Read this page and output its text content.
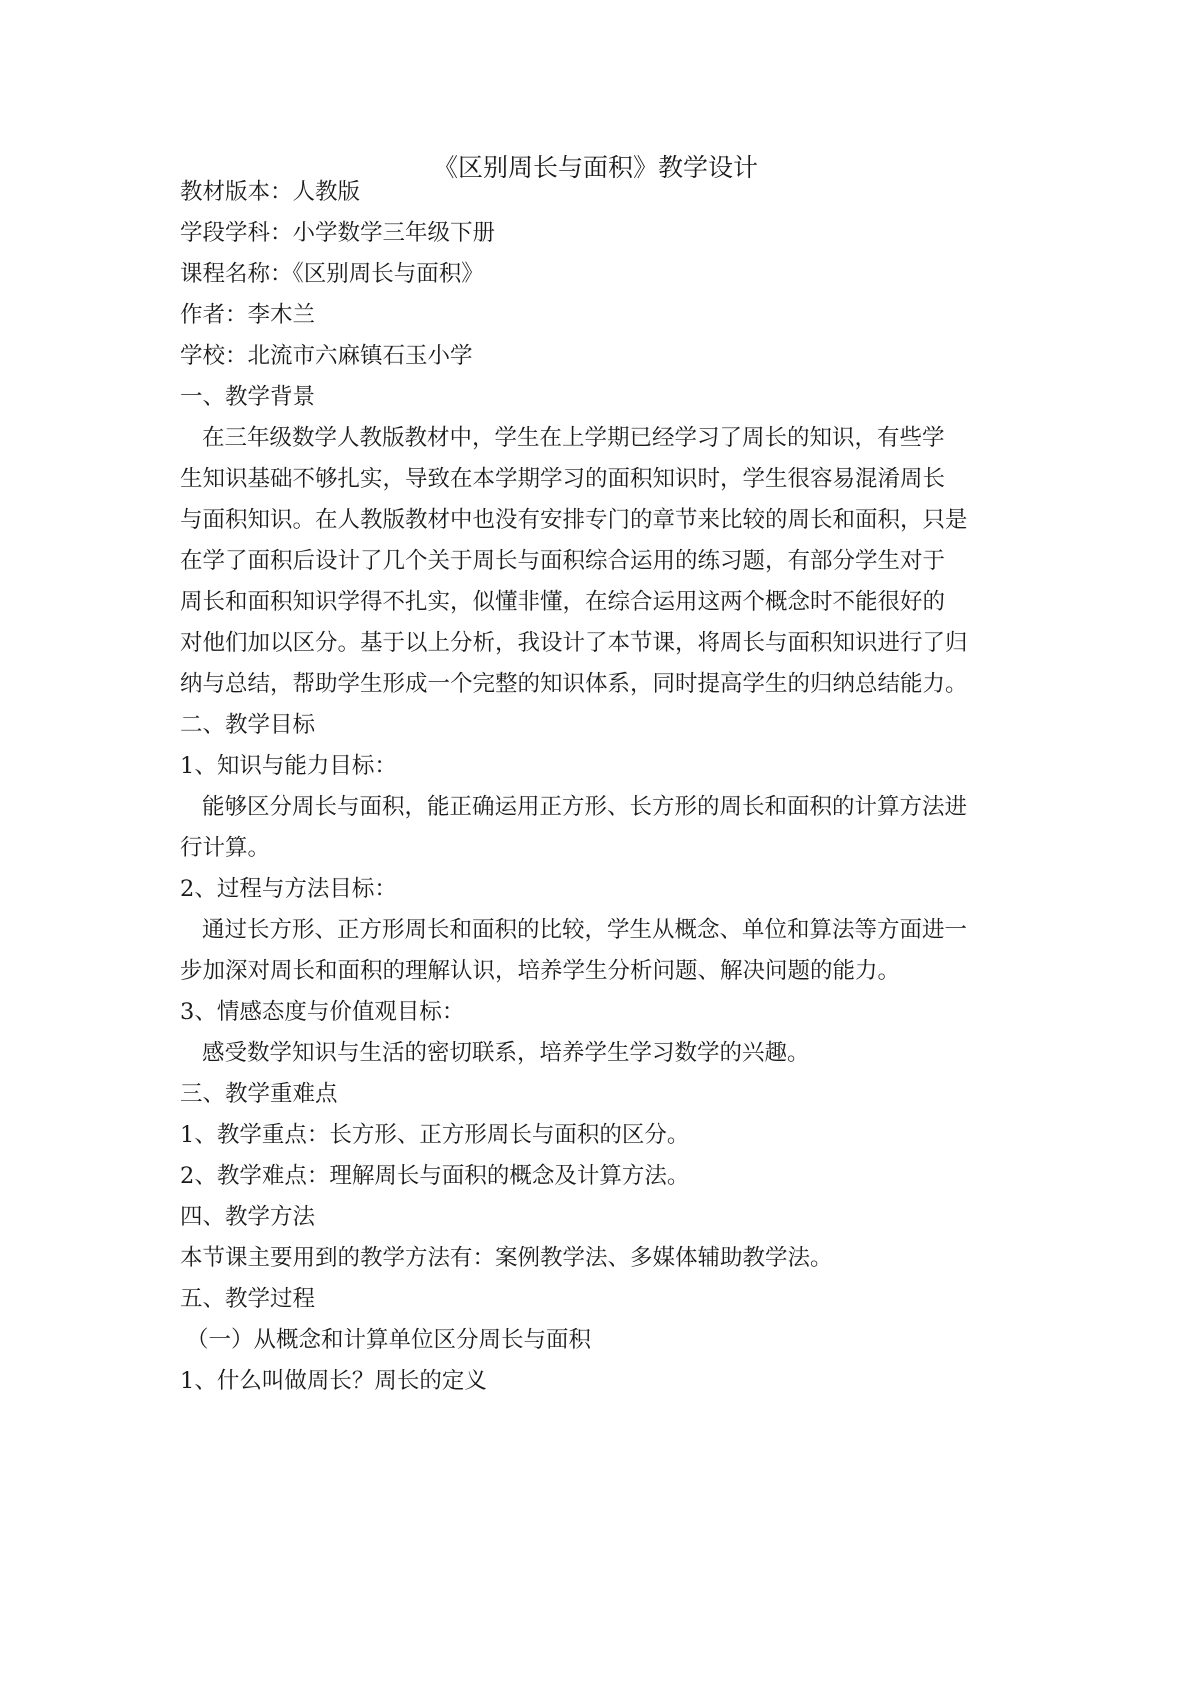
《区别周长与面积》教学设计
教材版本：人教版
学段学科：小学数学三年级下册
课程名称：《区别周长与面积》
作者：李木兰
学校：北流市六麻镇石玉小学
一、教学背景
在三年级数学人教版教材中，学生在上学期已经学习了周长的知识，有些学
生知识基础不够扎实，导致在本学期学习的面积知识时，学生很容易混淆周长
与面积知识。在人教版教材中也没有安排专门的章节来比较的周长和面积，只是
在学了面积后设计了几个关于周长与面积综合运用的练习题，有部分学生对于
周长和面积知识学得不扎实，似懂非懂，在综合运用这两个概念时不能很好的
对他们加以区分。基于以上分析，我设计了本节课，将周长与面积知识进行了归
纳与总结，帮助学生形成一个完整的知识体系，同时提高学生的归纳总结能力。
二、教学目标
1、知识与能力目标：
能够区分周长与面积，能正确运用正方形、长方形的周长和面积的计算方法进
行计算。
2、过程与方法目标：
通过长方形、正方形周长和面积的比较，学生从概念、单位和算法等方面进一
步加深对周长和面积的理解认识，培养学生分析问题、解决问题的能力。
3、情感态度与价值观目标：
感受数学知识与生活的密切联系，培养学生学习数学的兴趣。
三、教学重难点
1、教学重点：长方形、正方形周长与面积的区分。
2、教学难点：理解周长与面积的概念及计算方法。
四、教学方法
本节课主要用到的教学方法有：案例教学法、多媒体辅助教学法。
五、教学过程
（一）从概念和计算单位区分周长与面积
1、什么叫做周长？周长的定义
